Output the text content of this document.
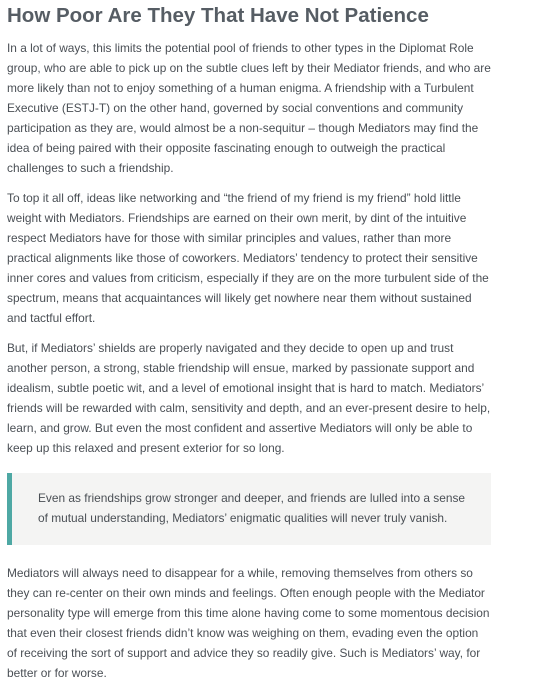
How Poor Are They That Have Not Patience

In a lot of ways, this limits the potential pool of friends to other types in the Diplomat Role group, who are able to pick up on the subtle clues left by their Mediator friends, and who are more likely than not to enjoy something of a human enigma. A friendship with a Turbulent Executive (ESTJ-T) on the other hand, governed by social conventions and community participation as they are, would almost be a non-sequitur – though Mediators may find the idea of being paired with their opposite fascinating enough to outweigh the practical challenges to such a friendship.

To top it all off, ideas like networking and “the friend of my friend is my friend” hold little weight with Mediators. Friendships are earned on their own merit, by dint of the intuitive respect Mediators have for those with similar principles and values, rather than more practical alignments like those of coworkers. Mediators’ tendency to protect their sensitive inner cores and values from criticism, especially if they are on the more turbulent side of the spectrum, means that acquaintances will likely get nowhere near them without sustained and tactful effort.

But, if Mediators’ shields are properly navigated and they decide to open up and trust another person, a strong, stable friendship will ensue, marked by passionate support and idealism, subtle poetic wit, and a level of emotional insight that is hard to match. Mediators’ friends will be rewarded with calm, sensitivity and depth, and an ever-present desire to help, learn, and grow. But even the most confident and assertive Mediators will only be able to keep up this relaxed and present exterior for so long.

Even as friendships grow stronger and deeper, and friends are lulled into a sense of mutual understanding, Mediators’ enigmatic qualities will never truly vanish.

Mediators will always need to disappear for a while, removing themselves from others so they can re-center on their own minds and feelings. Often enough people with the Mediator personality type will emerge from this time alone having come to some momentous decision that even their closest friends didn’t know was weighing on them, evading even the option of receiving the sort of support and advice they so readily give. Such is Mediators’ way, for better or for worse.
